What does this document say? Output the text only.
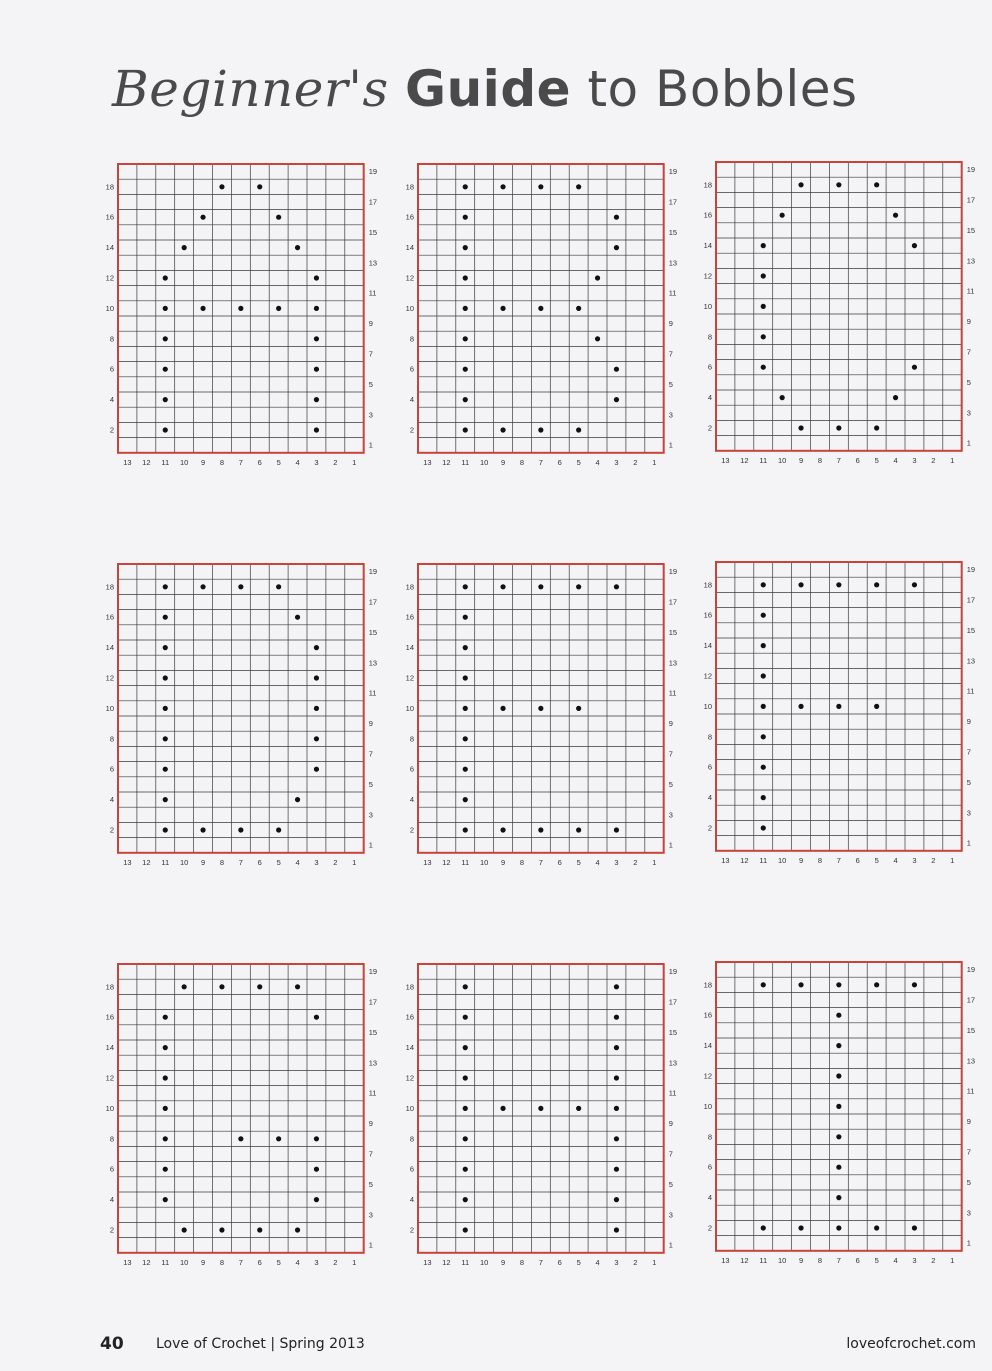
Beginner's Guide to Bobbles
13 12 11 10 9 8 7 6 5 4 3 2 1
18
16
14
12
10
8
6
4
2
19
17
15
13
11
9
7
5
3
1
13 12 11 10 9 8 7 6 5 4 3 2 1
18
16
14
12
10
8
6
4
2
19
17
15
13
11
9
7
5
3
1
13 12 11 10 9 8 7 6 5 4 3 2 1
18
16
14
12
10
8
6
4
2
19
17
15
13
11
9
7
5
3
1
13 12 11 10 9 8 7 6 5 4 3 2 1
18
16
14
12
10
8
6
4
2
19
17
15
13
11
9
7
5
3
1
13 12 11 10 9 8 7 6 5 4 3 2 1
18
16
14
12
10
8
6
4
2
19
17
15
13
11
9
7
5
3
1
13 12 11 10 9 8 7 6 5 4 3 2 1
18
16
14
12
10
8
6
4
2
19
17
15
13
11
9
7
5
3
1
13 12 11 10 9 8 7 6 5 4 3 2 1
18
16
14
12
10
8
6
4
2
19
17
15
13
11
9
7
5
3
1
13 12 11 10 9 8 7 6 5 4 3 2 1
18
16
14
12
10
8
6
4
2
19
17
15
13
11
9
7
5
3
1
13 12 11 10 9 8 7 6 5 4 3 2 1
18
16
14
12
10
8
6
4
2
19
17
15
13
11
9
7
5
3
1
40 Love of Crochet | Spring 2013	loveofcrochet.com
